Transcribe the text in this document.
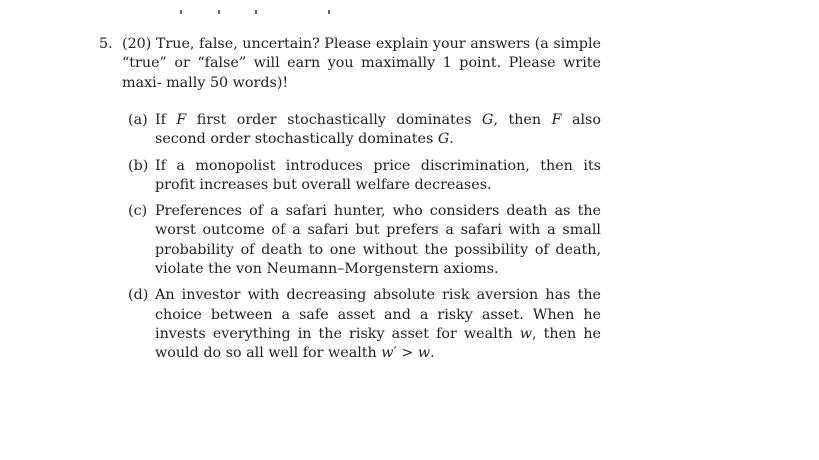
5. (20) True, false, uncertain? Please explain your answers (a simple “true” or “false” will earn you maximally 1 point. Please write maxi- mally 50 words)!
(a) If F first order stochastically dominates G, then F also second order stochastically dominates G.
(b) If a monopolist introduces price discrimination, then its profit increases but overall welfare decreases.
(c) Preferences of a safari hunter, who considers death as the worst outcome of a safari but prefers a safari with a small probability of death to one without the possibility of death, violate the von Neumann–Morgenstern axioms.
(d) An investor with decreasing absolute risk aversion has the choice between a safe asset and a risky asset. When he invests everything in the risky asset for wealth w, then he would do so all well for wealth w′ > w.
